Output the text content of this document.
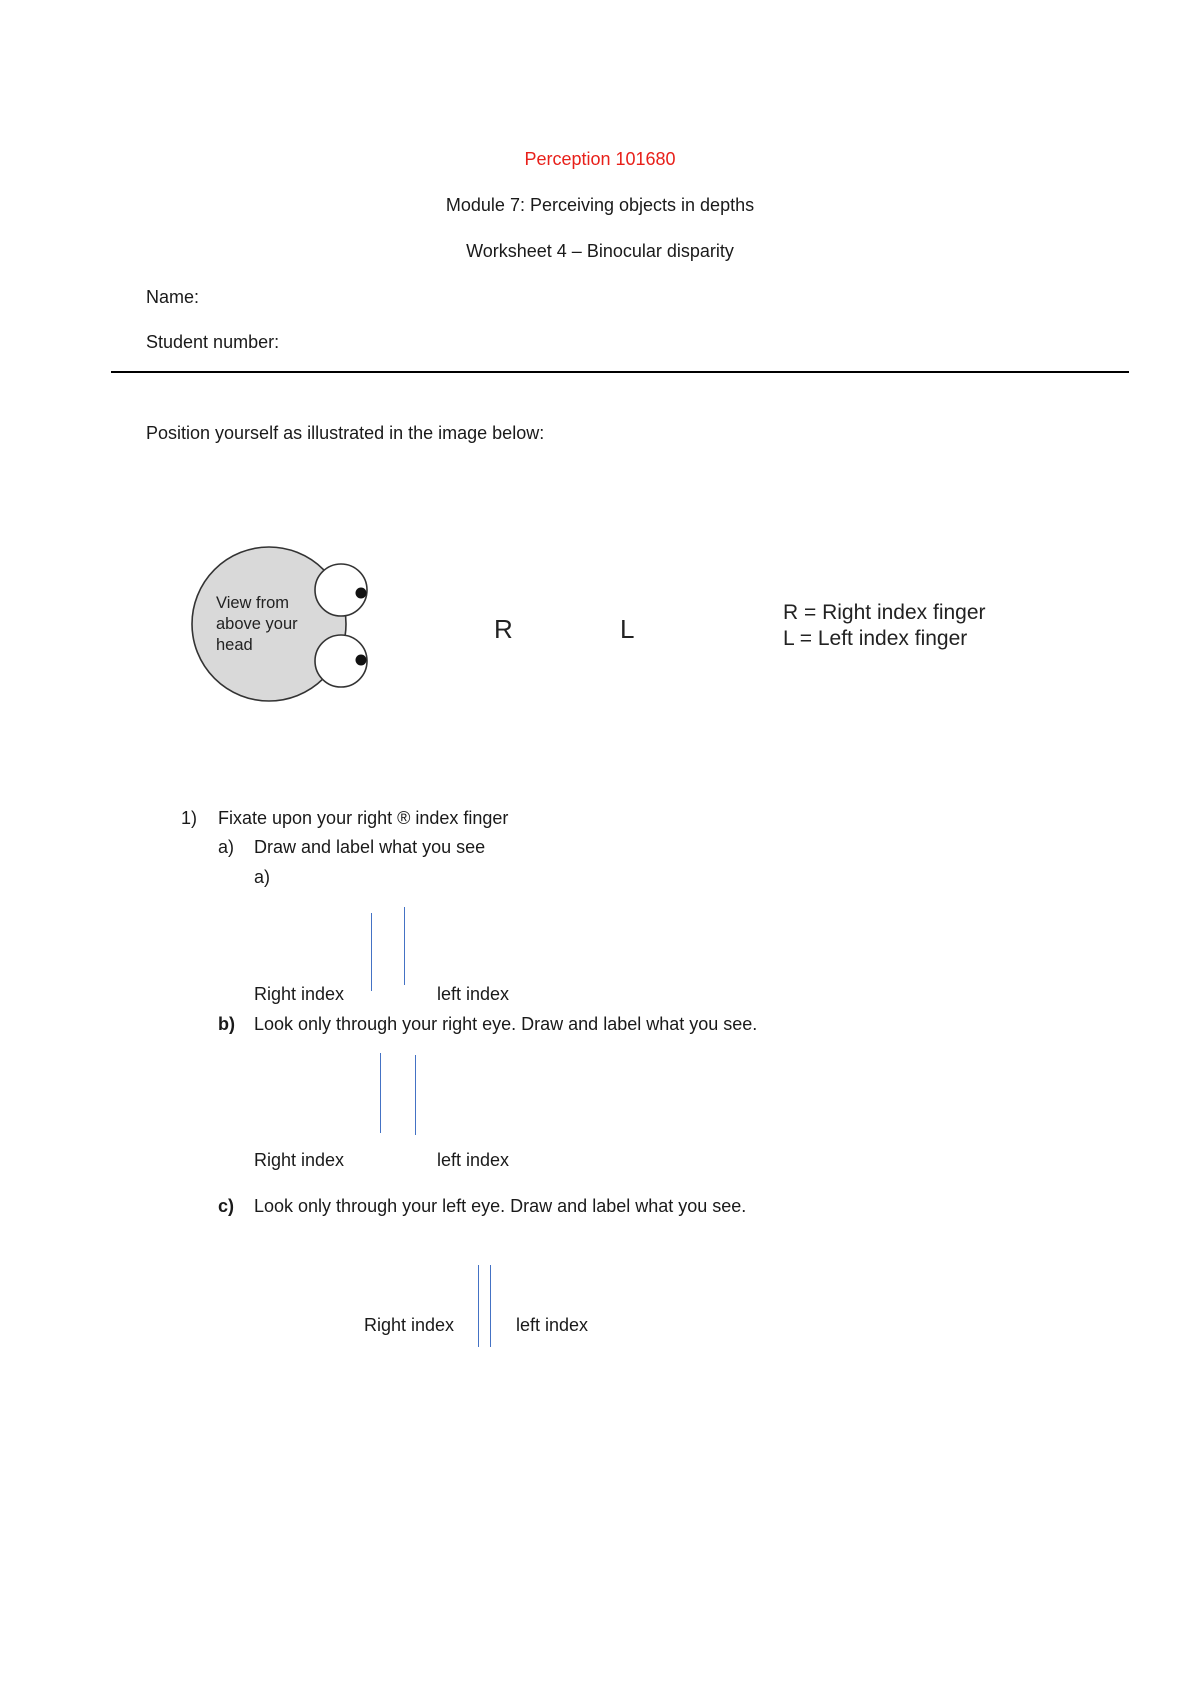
Perception 101680
Module 7: Perceiving objects in depths
Worksheet 4 – Binocular disparity
Name:
Student number:
Position yourself as illustrated in the image below:
View from
above your
head
R	L
R = Right index finger
L = Left index finger
1) Fixate upon your right ® index finger
a) Draw and label what you see
a)
Right index	left index
b) Look only through your right eye. Draw and label what you see.
Right index	left index
c) Look only through your left eye. Draw and label what you see.
Right index	left index
